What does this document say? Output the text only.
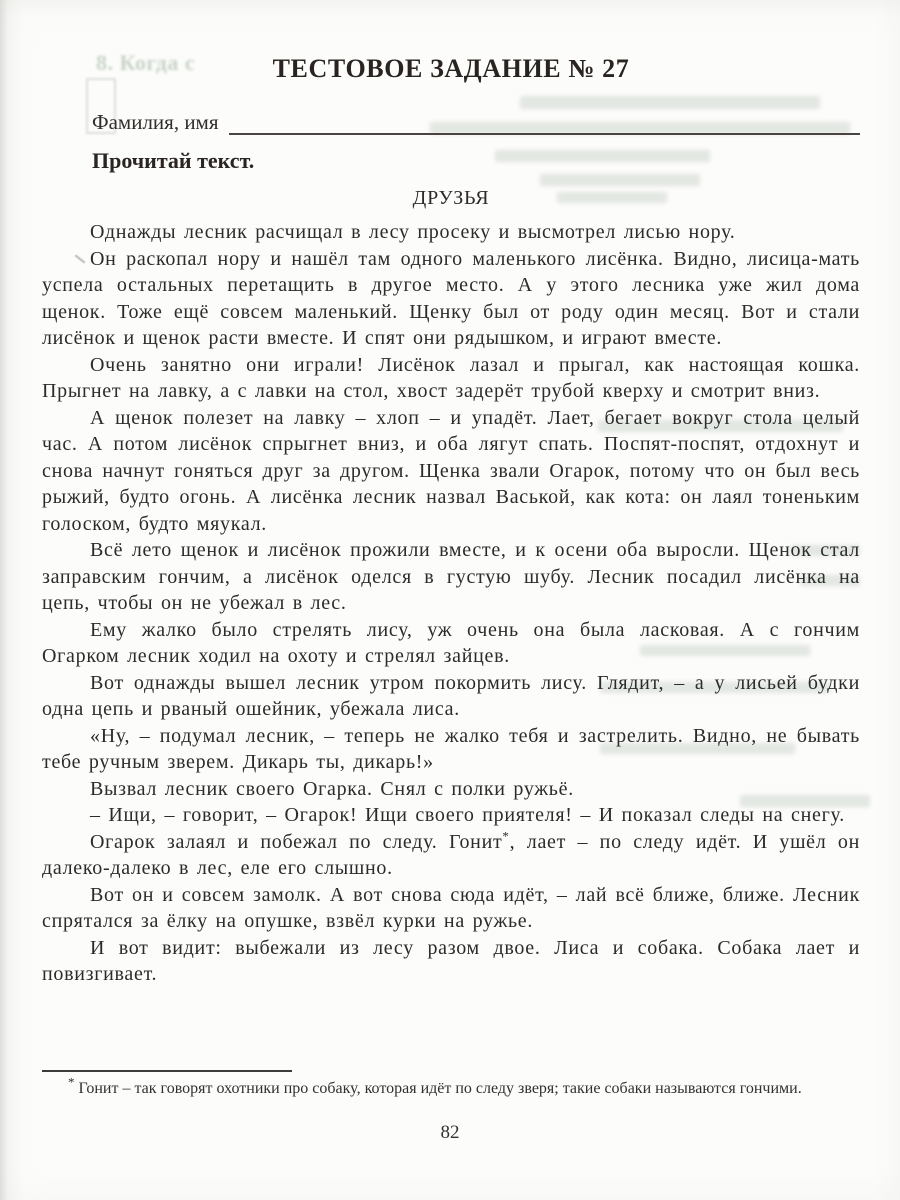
8. Когда с	ТЕСТОВОЕ ЗАДАНИЕ № 27
Фамилия, имя
Прочитай текст.
ДРУЗЬЯ

Однажды лесник расчищал в лесу просеку и высмотрел лисью нору.

Он раскопал нору и нашёл там одного маленького лисёнка. Видно, лисица-мать успела остальных перетащить в другое место. А у этого лесника уже жил дома щенок. Тоже ещё совсем маленький. Щенку был от роду один месяц. Вот и стали лисёнок и щенок расти вместе. И спят они рядышком, и играют вместе.

Очень занятно они играли! Лисёнок лазал и прыгал, как настоящая кошка. Прыгнет на лавку, а с лавки на стол, хвост задерёт трубой кверху и смотрит вниз.

А щенок полезет на лавку – хлоп – и упадёт. Лает, бегает вокруг стола целый час. А потом лисёнок спрыгнет вниз, и оба лягут спать. Поспят-поспят, отдохнут и снова начнут гоняться друг за другом. Щенка звали Огарок, потому что он был весь рыжий, будто огонь. А лисёнка лесник назвал Васькой, как кота: он лаял тоненьким голоском, будто мяукал.

Всё лето щенок и лисёнок прожили вместе, и к осени оба выросли. Щенок стал заправским гончим, а лисёнок оделся в густую шубу. Лесник посадил лисёнка на цепь, чтобы он не убежал в лес.

Ему жалко было стрелять лису, уж очень она была ласковая. А с гончим Огарком лесник ходил на охоту и стрелял зайцев.

Вот однажды вышел лесник утром покормить лису. Глядит, – а у лисьей будки одна цепь и рваный ошейник, убежала лиса.

«Ну, – подумал лесник, – теперь не жалко тебя и застрелить. Видно, не бывать тебе ручным зверем. Дикарь ты, дикарь!»

Вызвал лесник своего Огарка. Снял с полки ружьё.

– Ищи, – говорит, – Огарок! Ищи своего приятеля! – И показал следы на снегу.

Огарок залаял и побежал по следу. Гонит*, лает – по следу идёт. И ушёл он далеко-далеко в лес, еле его слышно.

Вот он и совсем замолк. А вот снова сюда идёт, – лай всё ближе, ближе. Лесник спрятался за ёлку на опушке, взвёл курки на ружье.

И вот видит: выбежали из лесу разом двое. Лиса и собака. Собака лает и повизгивает.

* Гонит – так говорят охотники про собаку, которая идёт по следу зверя; такие собаки называются гончими.
82
